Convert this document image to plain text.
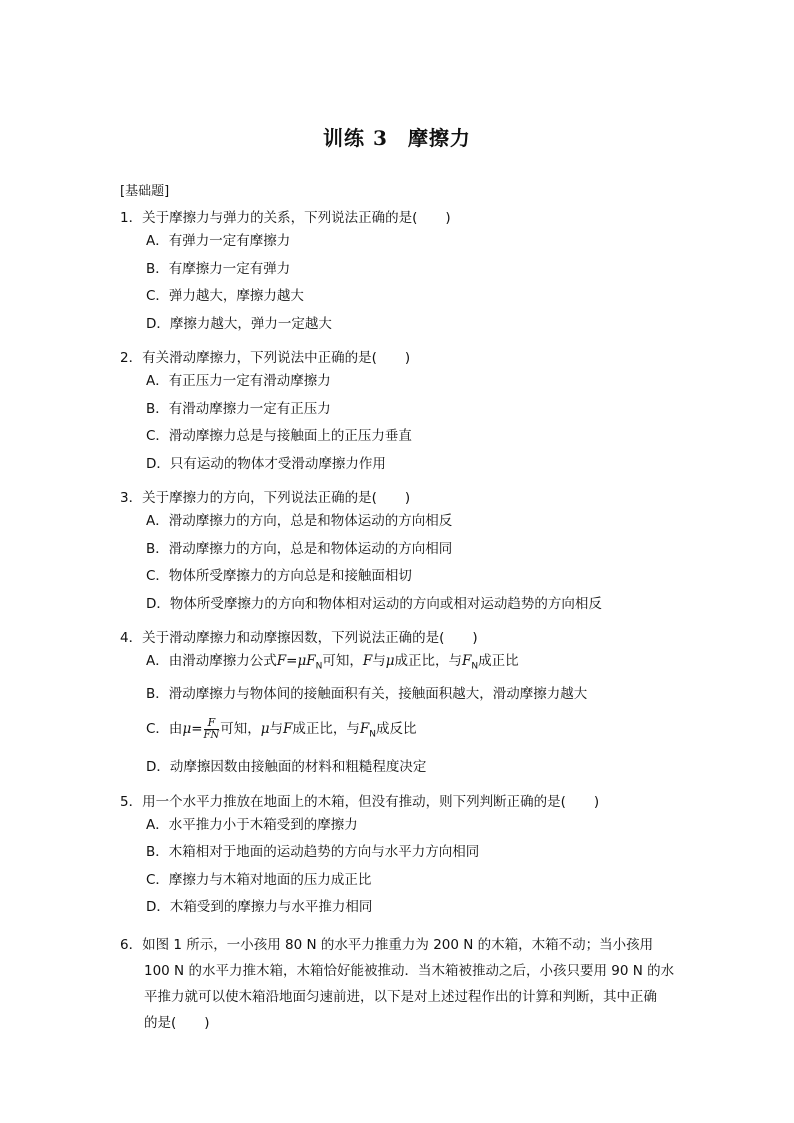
训练 3 摩擦力
[基础题]
1．关于摩擦力与弹力的关系，下列说法正确的是( )
A．有弹力一定有摩擦力
B．有摩擦力一定有弹力
C．弹力越大，摩擦力越大
D．摩擦力越大，弹力一定越大
2．有关滑动摩擦力，下列说法中正确的是( )
A．有正压力一定有滑动摩擦力
B．有滑动摩擦力一定有正压力
C．滑动摩擦力总是与接触面上的正压力垂直
D．只有运动的物体才受滑动摩擦力作用
3．关于摩擦力的方向，下列说法正确的是( )
A．滑动摩擦力的方向，总是和物体运动的方向相反
B．滑动摩擦力的方向，总是和物体运动的方向相同
C．物体所受摩擦力的方向总是和接触面相切
D．物体所受摩擦力的方向和物体相对运动的方向或相对运动趋势的方向相反
4．关于滑动摩擦力和动摩擦因数，下列说法正确的是( )
A．由滑动摩擦力公式$F=\mu F_N$可知，F与μ成正比，与$F_N$成正比
B．滑动摩擦力与物体间的接触面积有关，接触面积越大，滑动摩擦力越大
C．由$\mu= \frac{F}{FN}$ 可知，μ与F成正比，与$F_N$成反比
D．动摩擦因数由接触面的材料和粗糙程度决定
5．用一个水平力推放在地面上的木箱，但没有推动，则下列判断正确的是( )
A．水平推力小于木箱受到的摩擦力
B．木箱相对于地面的运动趋势的方向与水平力方向相同
C．摩擦力与木箱对地面的压力成正比
D．木箱受到的摩擦力与水平推力相同
6．如图 1 所示，一小孩用 80 N 的水平力推重力为 200 N 的木箱，木箱不动；当小孩用
100 N 的水平力推木箱，木箱恰好能被推动．当木箱被推动之后，小孩只要用 90 N 的水
平推力就可以使木箱沿地面匀速前进，以下是对上述过程作出的计算和判断，其中正确
的是( )
